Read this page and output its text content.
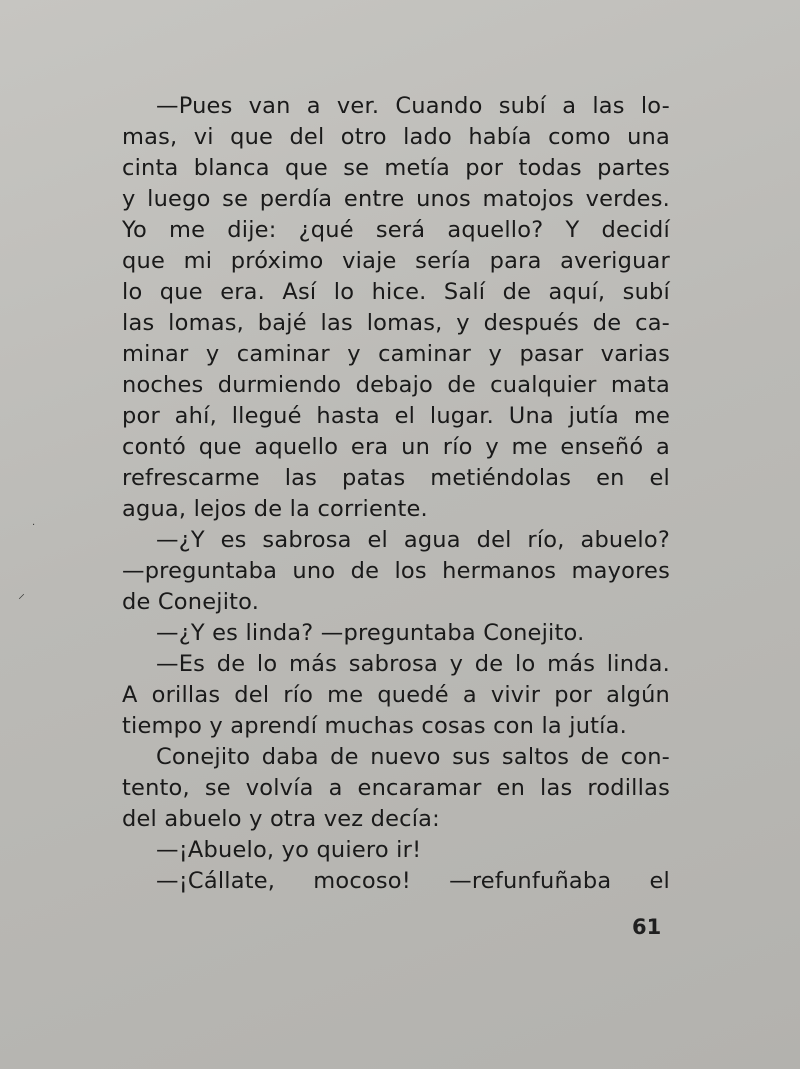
—Pues van a ver. Cuando subí a las lo-
mas, vi que del otro lado había como una
cinta blanca que se metía por todas partes
y luego se perdía entre unos matojos verdes.
Yo me dije: ¿qué será aquello? Y decidí
que mi próximo viaje sería para averiguar
lo que era. Así lo hice. Salí de aquí, subí
las lomas, bajé las lomas, y después de ca-
minar y caminar y caminar y pasar varias
noches durmiendo debajo de cualquier mata
por ahí, llegué hasta el lugar. Una jutía me
contó que aquello era un río y me enseñó a
refrescarme las patas metiéndolas en el
agua, lejos de la corriente.
—¿Y es sabrosa el agua del río, abuelo?
—preguntaba uno de los hermanos mayores
de Conejito.
—¿Y es linda? —preguntaba Conejito.
—Es de lo más sabrosa y de lo más linda.
A orillas del río me quedé a vivir por algún
tiempo y aprendí muchas cosas con la jutía.
Conejito daba de nuevo sus saltos de con-
tento, se volvía a encaramar en las rodillas
del abuelo y otra vez decía:
—¡Abuelo, yo quiero ir!
—¡Cállate, mocoso! —refunfuñaba el
61
⸝
·
